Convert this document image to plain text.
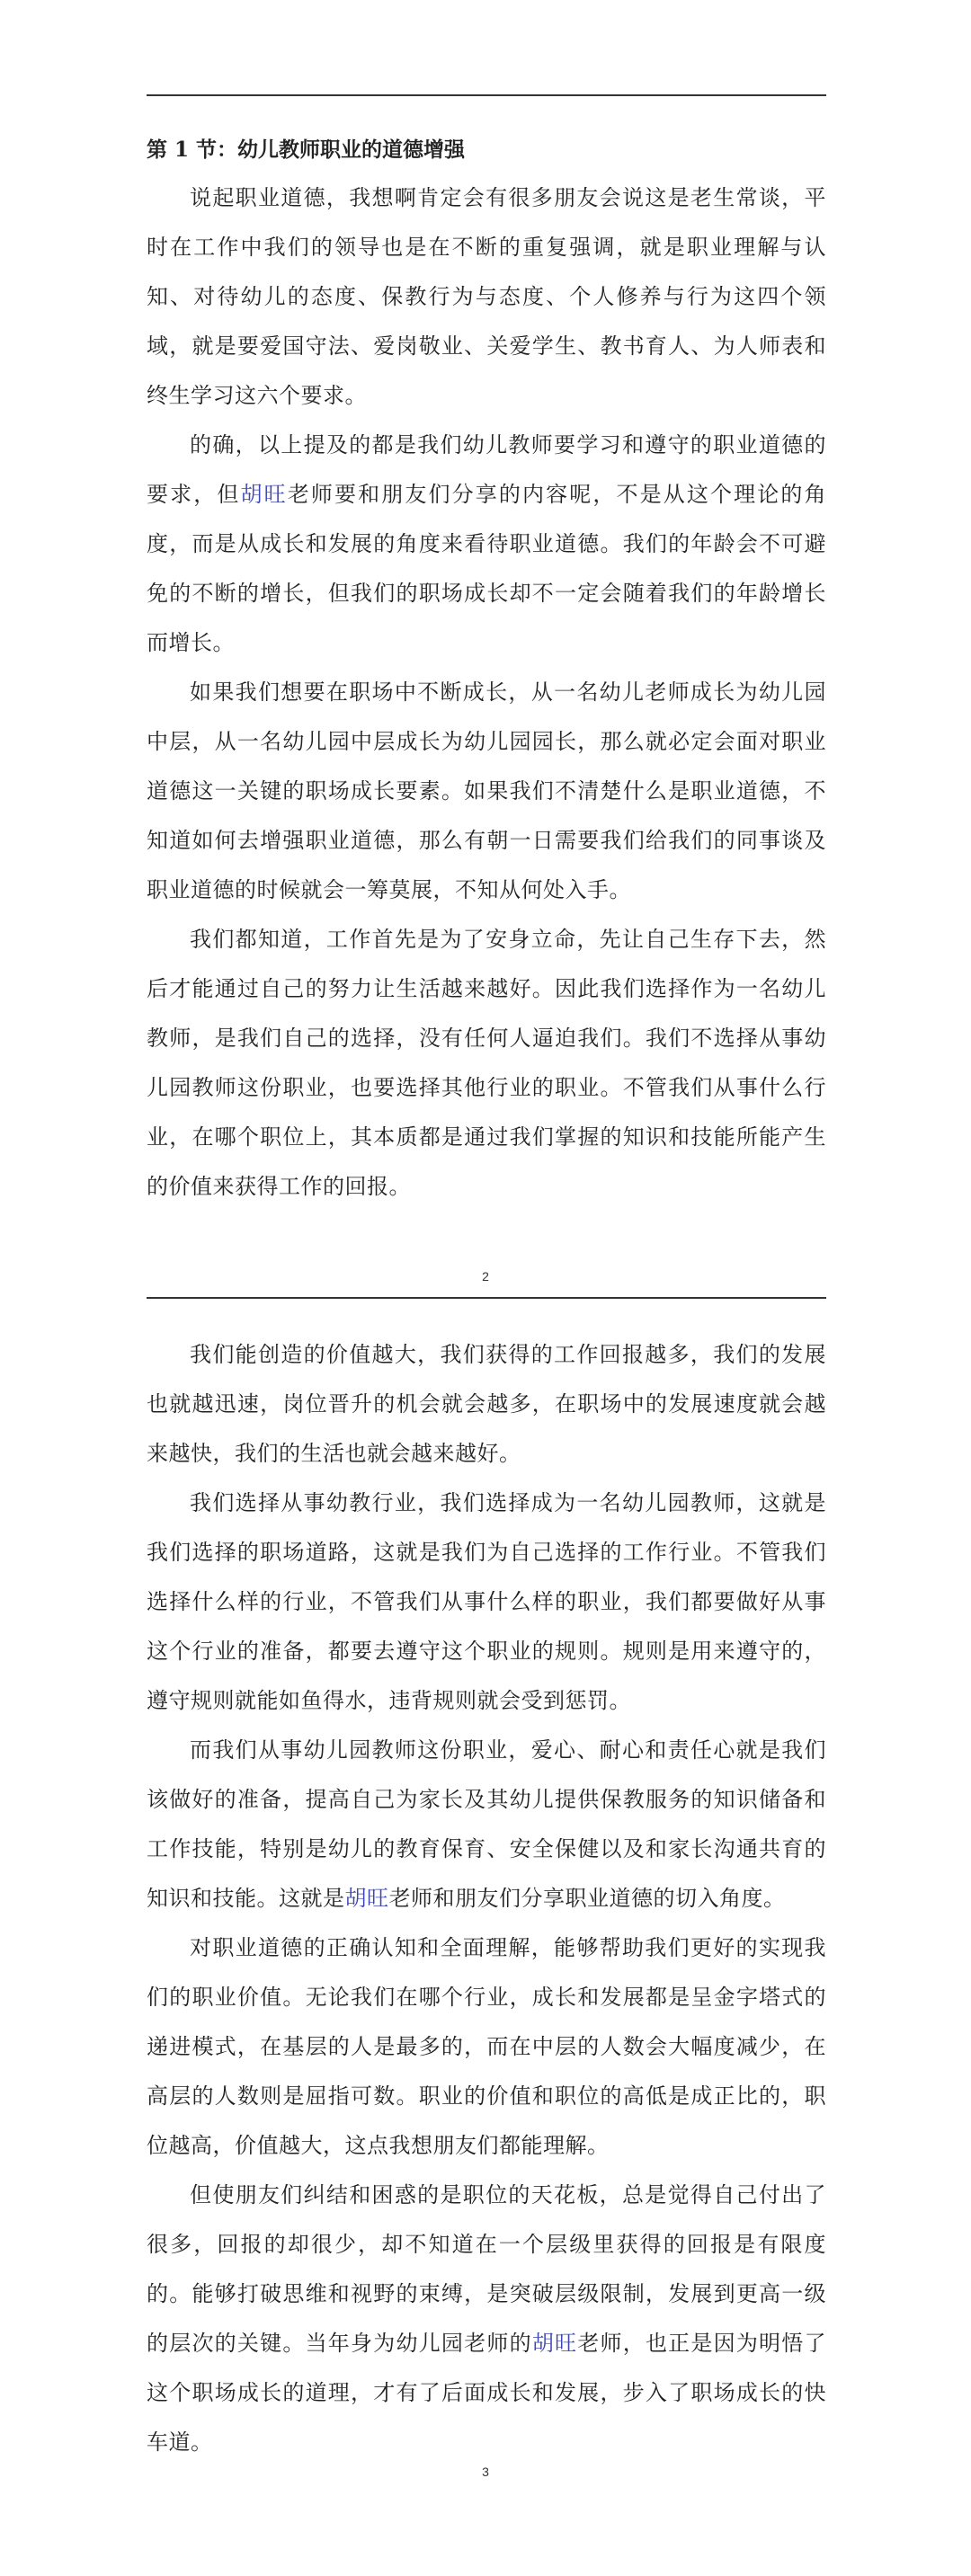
第 1 节：幼儿教师职业的道德增强

说起职业道德，我想啊肯定会有很多朋友会说这是老生常谈，平时在工作中我们的领导也是在不断的重复强调，就是职业理解与认知、对待幼儿的态度、保教行为与态度、个人修养与行为这四个领域，就是要爱国守法、爱岗敬业、关爱学生、教书育人、为人师表和终生学习这六个要求。

的确，以上提及的都是我们幼儿教师要学习和遵守的职业道德的要求，但胡旺老师要和朋友们分享的内容呢，不是从这个理论的角度，而是从成长和发展的角度来看待职业道德。我们的年龄会不可避免的不断的增长，但我们的职场成长却不一定会随着我们的年龄增长而增长。

如果我们想要在职场中不断成长，从一名幼儿老师成长为幼儿园中层，从一名幼儿园中层成长为幼儿园园长，那么就必定会面对职业道德这一关键的职场成长要素。如果我们不清楚什么是职业道德，不知道如何去增强职业道德，那么有朝一日需要我们给我们的同事谈及职业道德的时候就会一筹莫展，不知从何处入手。

我们都知道，工作首先是为了安身立命，先让自己生存下去，然后才能通过自己的努力让生活越来越好。因此我们选择作为一名幼儿教师，是我们自己的选择，没有任何人逼迫我们。我们不选择从事幼儿园教师这份职业，也要选择其他行业的职业。不管我们从事什么行业，在哪个职位上，其本质都是通过我们掌握的知识和技能所能产生的价值来获得工作的回报。

2

我们能创造的价值越大，我们获得的工作回报越多，我们的发展也就越迅速，岗位晋升的机会就会越多，在职场中的发展速度就会越来越快，我们的生活也就会越来越好。

我们选择从事幼教行业，我们选择成为一名幼儿园教师，这就是我们选择的职场道路，这就是我们为自己选择的工作行业。不管我们选择什么样的行业，不管我们从事什么样的职业，我们都要做好从事这个行业的准备，都要去遵守这个职业的规则。规则是用来遵守的，遵守规则就能如鱼得水，违背规则就会受到惩罚。

而我们从事幼儿园教师这份职业，爱心、耐心和责任心就是我们该做好的准备，提高自己为家长及其幼儿提供保教服务的知识储备和工作技能，特别是幼儿的教育保育、安全保健以及和家长沟通共育的知识和技能。这就是胡旺老师和朋友们分享职业道德的切入角度。

对职业道德的正确认知和全面理解，能够帮助我们更好的实现我们的职业价值。无论我们在哪个行业，成长和发展都是呈金字塔式的递进模式，在基层的人是最多的，而在中层的人数会大幅度减少，在高层的人数则是屈指可数。职业的价值和职位的高低是成正比的，职位越高，价值越大，这点我想朋友们都能理解。

但使朋友们纠结和困惑的是职位的天花板，总是觉得自己付出了很多，回报的却很少，却不知道在一个层级里获得的回报是有限度的。能够打破思维和视野的束缚，是突破层级限制，发展到更高一级的层次的关键。当年身为幼儿园老师的胡旺老师，也正是因为明悟了这个职场成长的道理，才有了后面成长和发展，步入了职场成长的快车道。

3
